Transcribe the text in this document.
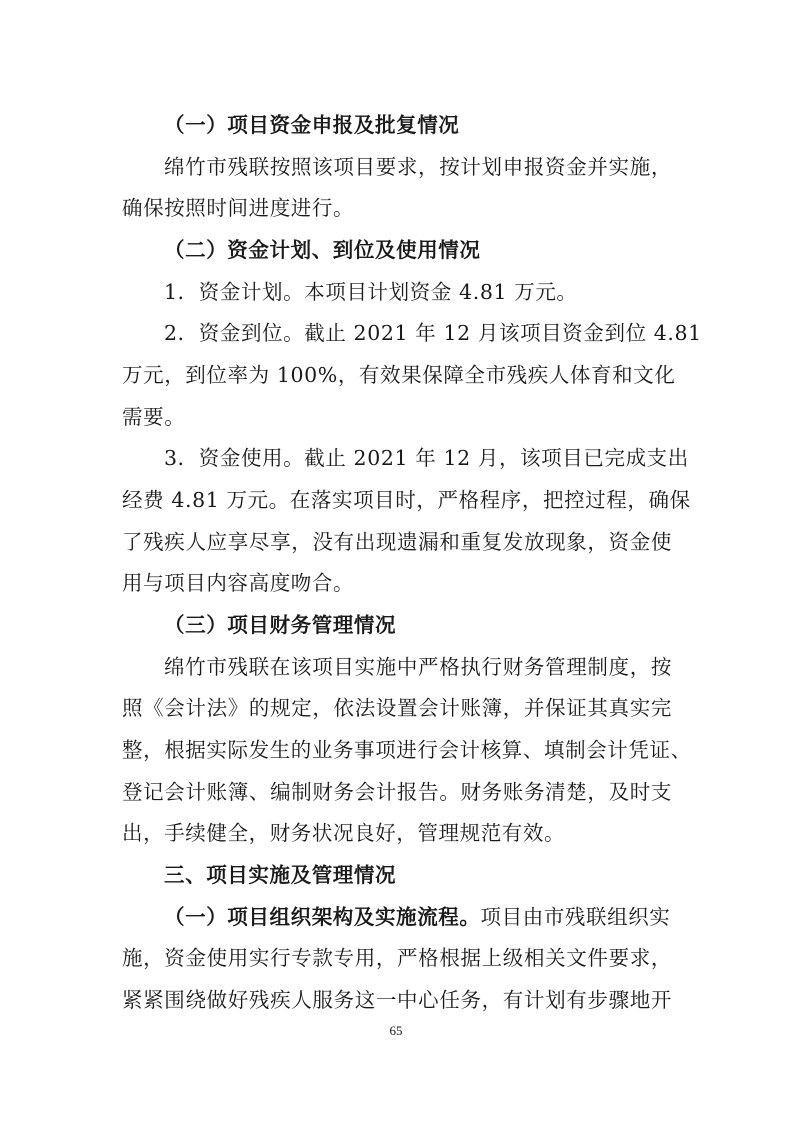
（一）项目资金申报及批复情况
绵竹市残联按照该项目要求，按计划申报资金并实施，
确保按照时间进度进行。
（二）资金计划、到位及使用情况
1．资金计划。本项目计划资金 4.81 万元。
2．资金到位。截止 2021 年 12 月该项目资金到位 4.81
万元，到位率为 100%，有效果保障全市残疾人体育和文化
需要。
3．资金使用。截止 2021 年 12 月，该项目已完成支出
经费 4.81 万元。在落实项目时，严格程序，把控过程，确保
了残疾人应享尽享，没有出现遗漏和重复发放现象，资金使
用与项目内容高度吻合。
（三）项目财务管理情况
绵竹市残联在该项目实施中严格执行财务管理制度，按
照《会计法》的规定，依法设置会计账簿，并保证其真实完
整，根据实际发生的业务事项进行会计核算、填制会计凭证、
登记会计账簿、编制财务会计报告。财务账务清楚，及时支
出，手续健全，财务状况良好，管理规范有效。
三、项目实施及管理情况
（一）项目组织架构及实施流程。项目由市残联组织实
施，资金使用实行专款专用，严格根据上级相关文件要求，
紧紧围绕做好残疾人服务这一中心任务，有计划有步骤地开
65
